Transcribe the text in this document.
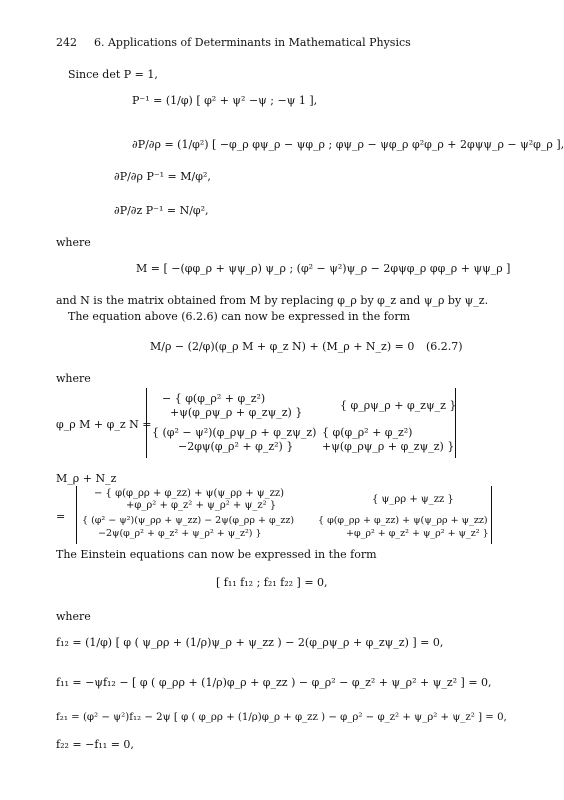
242 6. Applications of Determinants in Mathematical Physics
Since det P = 1,
P⁻¹ = (1/φ) [ φ² + ψ² −ψ ; −ψ 1 ],
∂P/∂ρ = (1/φ²) [ −φ_ρ φψ_ρ − ψφ_ρ ; φψ_ρ − ψφ_ρ φ²φ_ρ + 2φψψ_ρ − ψ²φ_ρ ],
∂P/∂ρ P⁻¹ = M/φ²,
∂P/∂z P⁻¹ = N/φ²,
where
M = [ −(φφ_ρ + ψψ_ρ) ψ_ρ ; (φ² − ψ²)ψ_ρ − 2φψφ_ρ φφ_ρ + ψψ_ρ ]
and N is the matrix obtained from M by replacing φ_ρ by φ_z and ψ_ρ by ψ_z.
The equation above (6.2.6) can now be expressed in the form
M/ρ − (2/φ)(φ_ρ M + φ_z N) + (M_ρ + N_z) = 0 (6.2.7)
where
φ_ρ M + φ_z N =
− { φ(φ_ρ² + φ_z²)
+ψ(φ_ρψ_ρ + φ_zψ_z) }
{ φ_ρψ_ρ + φ_zψ_z }
{ (φ² − ψ²)(φ_ρψ_ρ + φ_zψ_z)
−2φψ(φ_ρ² + φ_z²) }
{ φ(φ_ρ² + φ_z²)
+ψ(φ_ρψ_ρ + φ_zψ_z) }
M_ρ + N_z
=
− { φ(φ_ρρ + φ_zz) + ψ(ψ_ρρ + ψ_zz)
+φ_ρ² + φ_z² + ψ_ρ² + ψ_z² }
{ ψ_ρρ + ψ_zz }
{ (φ² − ψ²)(ψ_ρρ + ψ_zz) − 2ψ(φ_ρρ + φ_zz)
−2ψ(φ_ρ² + φ_z² + ψ_ρ² + ψ_z²) }
{ φ(φ_ρρ + φ_zz) + ψ(ψ_ρρ + ψ_zz)
+φ_ρ² + φ_z² + ψ_ρ² + ψ_z² }
The Einstein equations can now be expressed in the form
[ f₁₁ f₁₂ ; f₂₁ f₂₂ ] = 0,
where
f₁₂ = (1/φ) [ φ ( ψ_ρρ + (1/ρ)ψ_ρ + ψ_zz ) − 2(φ_ρψ_ρ + φ_zψ_z) ] = 0,
f₁₁ = −ψf₁₂ − [ φ ( φ_ρρ + (1/ρ)φ_ρ + φ_zz ) − φ_ρ² − φ_z² + ψ_ρ² + ψ_z² ] = 0,
f₂₁ = (φ² − ψ²)f₁₂ − 2ψ [ φ ( φ_ρρ + (1/ρ)φ_ρ + φ_zz ) − φ_ρ² − φ_z² + ψ_ρ² + ψ_z² ] = 0,
f₂₂ = −f₁₁ = 0,
